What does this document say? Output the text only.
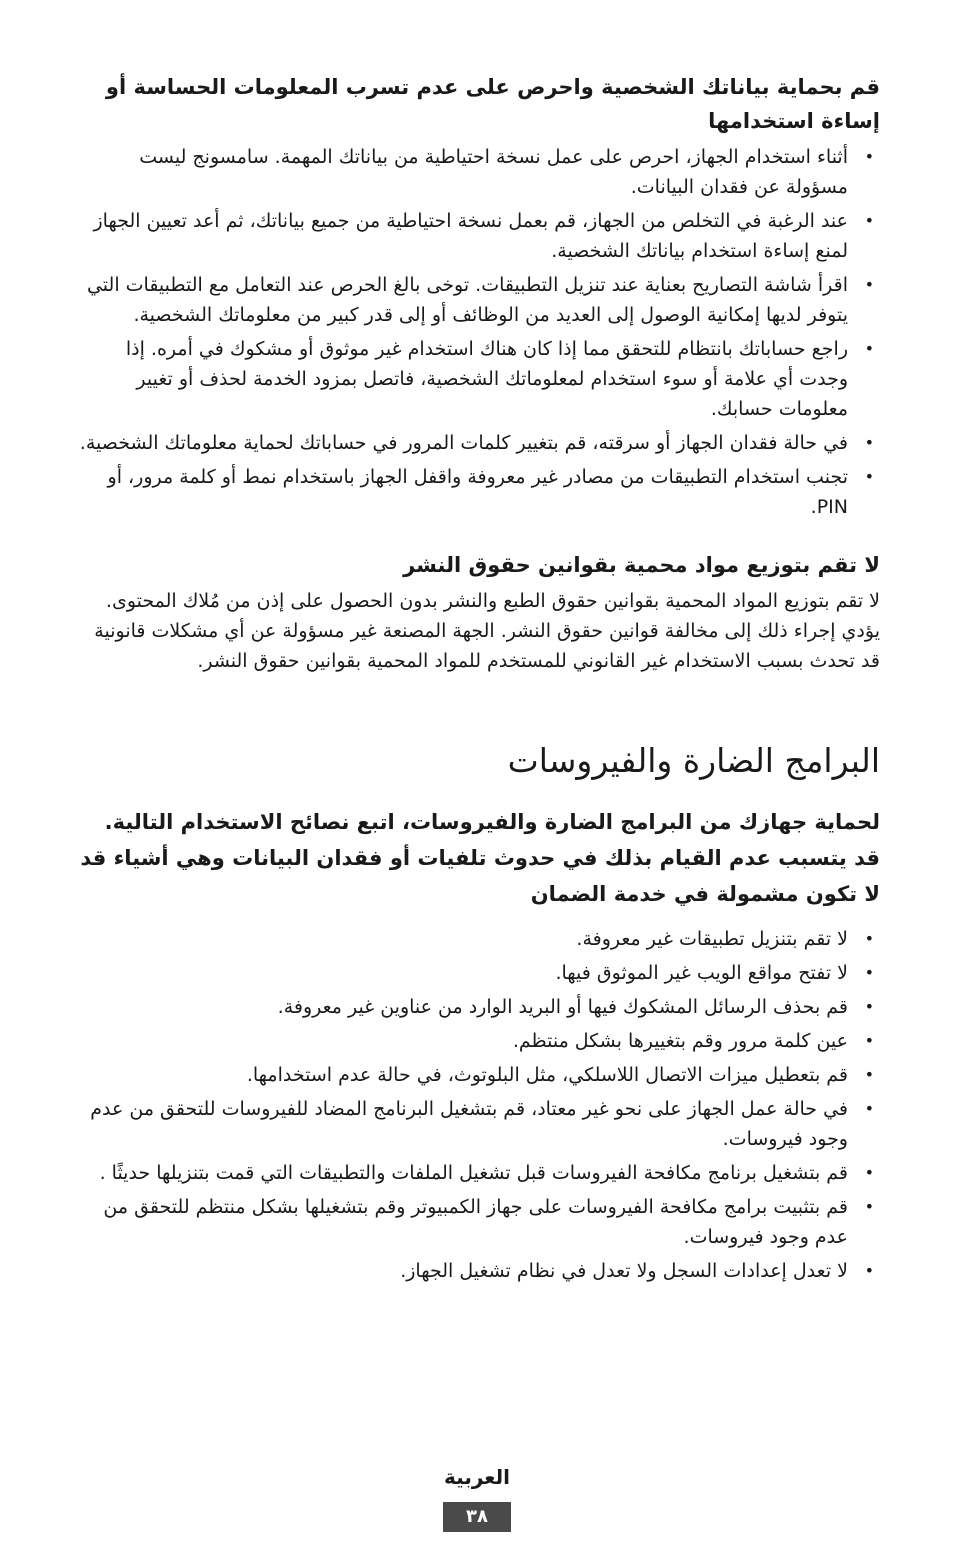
قم بحماية بياناتك الشخصية واحرص على عدم تسرب المعلومات الحساسة أو إساءة استخدامها
•
أثناء استخدام الجهاز، احرص على عمل نسخة احتياطية من بياناتك المهمة. سامسونج ليست مسؤولة عن فقدان البيانات.
•
عند الرغبة في التخلص من الجهاز، قم بعمل نسخة احتياطية من جميع بياناتك، ثم أعد تعيين الجهاز لمنع إساءة استخدام بياناتك الشخصية.
•
اقرأ شاشة التصاريح بعناية عند تنزيل التطبيقات. توخى بالغ الحرص عند التعامل مع التطبيقات التي يتوفر لديها إمكانية الوصول إلى العديد من الوظائف أو إلى قدر كبير من معلوماتك الشخصية.
•
راجع حساباتك بانتظام للتحقق مما إذا كان هناك استخدام غير موثوق أو مشكوك في أمره. إذا وجدت أي علامة أو سوء استخدام لمعلوماتك الشخصية، فاتصل بمزود الخدمة لحذف أو تغيير معلومات حسابك.
•
في حالة فقدان الجهاز أو سرقته، قم بتغيير كلمات المرور في حساباتك لحماية معلوماتك الشخصية.
•
تجنب استخدام التطبيقات من مصادر غير معروفة واقفل الجهاز باستخدام نمط أو كلمة مرور، أو PIN.
لا تقم بتوزيع مواد محمية بقوانين حقوق النشر

لا تقم بتوزيع المواد المحمية بقوانين حقوق الطبع والنشر بدون الحصول على إذن من مُلاك المحتوى. يؤدي إجراء ذلك إلى مخالفة قوانين حقوق النشر. الجهة المصنعة غير مسؤولة عن أي مشكلات قانونية قد تحدث بسبب الاستخدام غير القانوني للمستخدم للمواد المحمية بقوانين حقوق النشر.

البرامج الضارة والفيروسات

لحماية جهازك من البرامج الضارة والفيروسات، اتبع نصائح الاستخدام التالية. قد يتسبب عدم القيام بذلك في حدوث تلفيات أو فقدان البيانات وهي أشياء قد لا تكون مشمولة في خدمة الضمان

•
لا تقم بتنزيل تطبيقات غير معروفة.
•
لا تفتح مواقع الويب غير الموثوق فيها.
•
قم بحذف الرسائل المشكوك فيها أو البريد الوارد من عناوين غير معروفة.
•
عين كلمة مرور وقم بتغييرها بشكل منتظم.
•
قم بتعطيل ميزات الاتصال اللاسلكي، مثل البلوتوث، في حالة عدم استخدامها.
•
في حالة عمل الجهاز على نحو غير معتاد، قم بتشغيل البرنامج المضاد للفيروسات للتحقق من عدم وجود فيروسات.
•
قم بتشغيل برنامج مكافحة الفيروسات قبل تشغيل الملفات والتطبيقات التي قمت بتنزيلها حديثًا .
•
قم بتثبيت برامج مكافحة الفيروسات على جهاز الكمبيوتر وقم بتشغيلها بشكل منتظم للتحقق من عدم وجود فيروسات.
•
لا تعدل إعدادات السجل ولا تعدل في نظام تشغيل الجهاز.
العربية
٣٨
